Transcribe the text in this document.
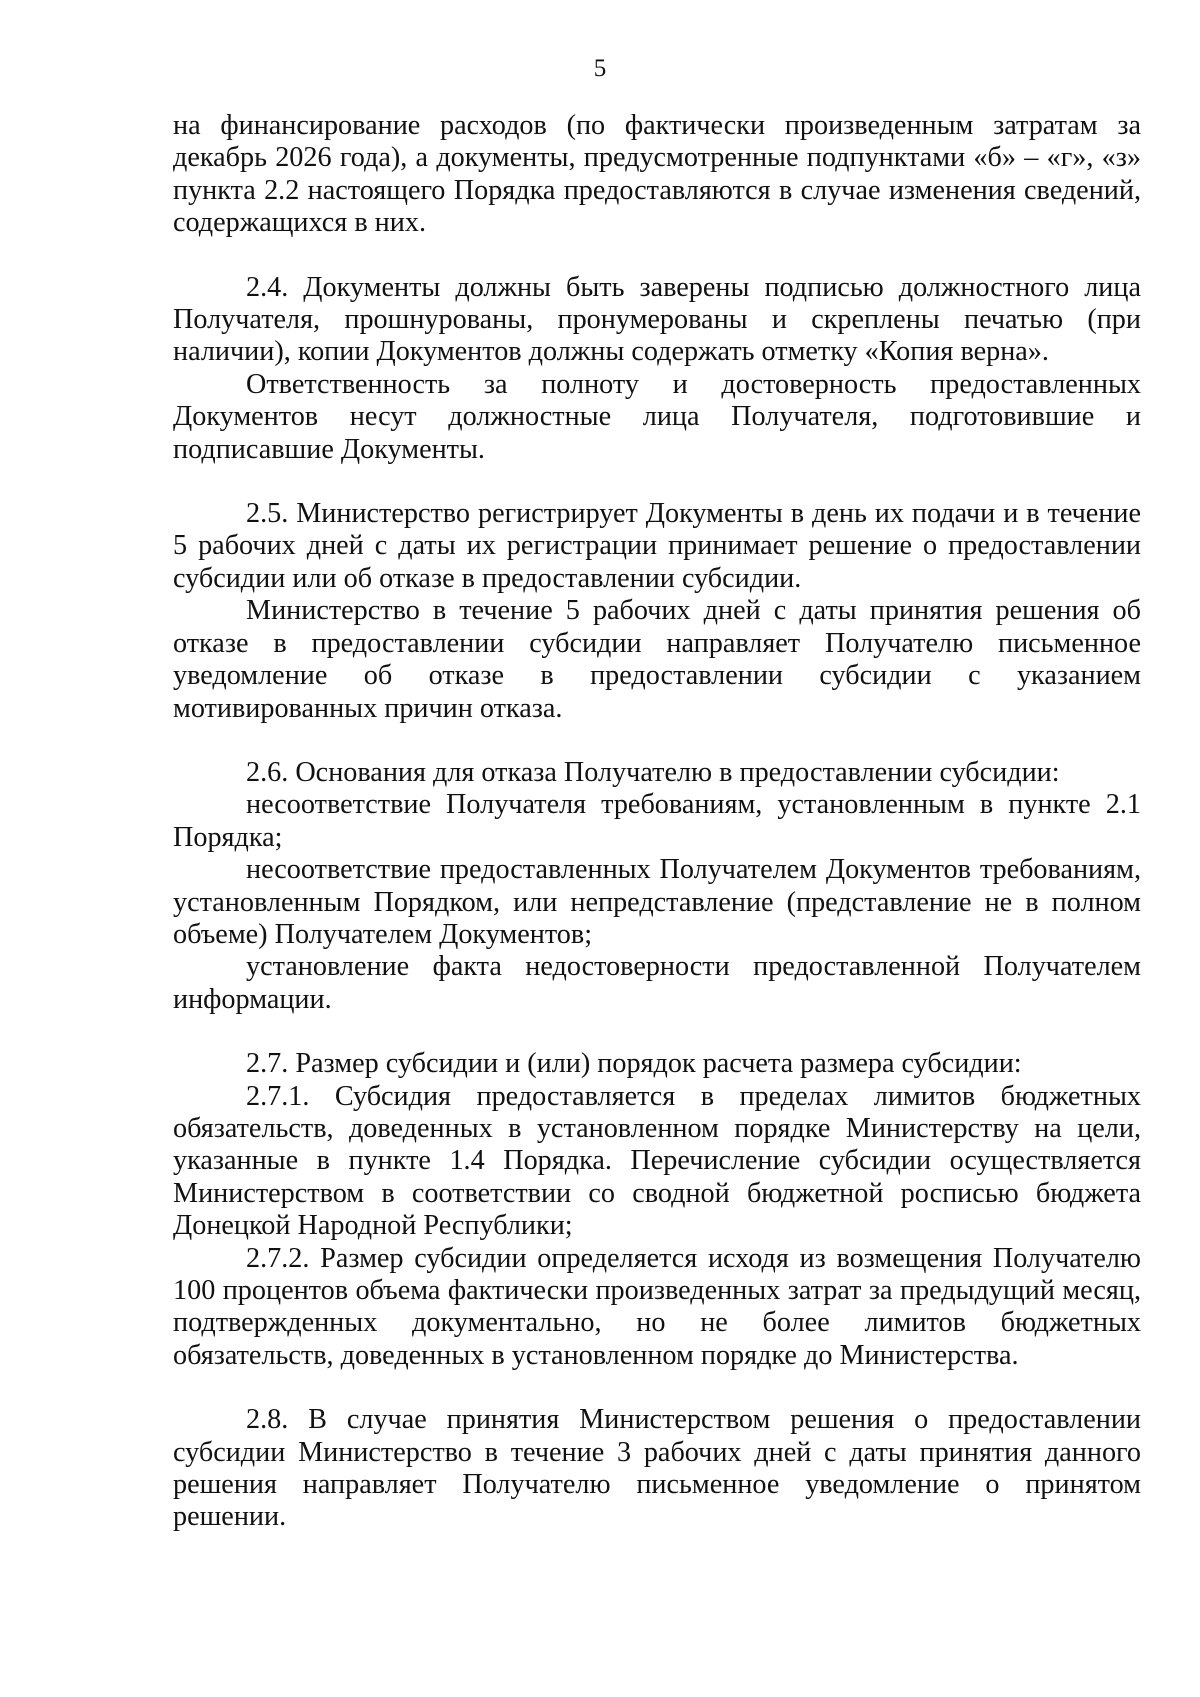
5

на финансирование расходов (по фактически произведенным затратам за декабрь 2026 года), а документы, предусмотренные подпунктами «б» – «г», «з» пункта 2.2 настоящего Порядка предоставляются в случае изменения сведений, содержащихся в них.

2.4. Документы должны быть заверены подписью должностного лица Получателя, прошнурованы, пронумерованы и скреплены печатью (при наличии), копии Документов должны содержать отметку «Копия верна».

Ответственность за полноту и достоверность предоставленных Документов несут должностные лица Получателя, подготовившие и подписавшие Документы.

2.5. Министерство регистрирует Документы в день их подачи и в течение 5 рабочих дней с даты их регистрации принимает решение о предоставлении субсидии или об отказе в предоставлении субсидии.

Министерство в течение 5 рабочих дней с даты принятия решения об отказе в предоставлении субсидии направляет Получателю письменное уведомление об отказе в предоставлении субсидии с указанием мотивированных причин отказа.

2.6. Основания для отказа Получателю в предоставлении субсидии:

несоответствие Получателя требованиям, установленным в пункте 2.1 Порядка;

несоответствие предоставленных Получателем Документов требованиям, установленным Порядком, или непредставление (представление не в полном объеме) Получателем Документов;

установление факта недостоверности предоставленной Получателем информации.

2.7. Размер субсидии и (или) порядок расчета размера субсидии:

2.7.1. Субсидия предоставляется в пределах лимитов бюджетных обязательств, доведенных в установленном порядке Министерству на цели, указанные в пункте 1.4 Порядка. Перечисление субсидии осуществляется Министерством в соответствии со сводной бюджетной росписью бюджета Донецкой Народной Республики;

2.7.2. Размер субсидии определяется исходя из возмещения Получателю 100 процентов объема фактически произведенных затрат за предыдущий месяц, подтвержденных документально, но не более лимитов бюджетных обязательств, доведенных в установленном порядке до Министерства.

2.8. В случае принятия Министерством решения о предоставлении субсидии Министерство в течение 3 рабочих дней с даты принятия данного решения направляет Получателю письменное уведомление о принятом решении.
